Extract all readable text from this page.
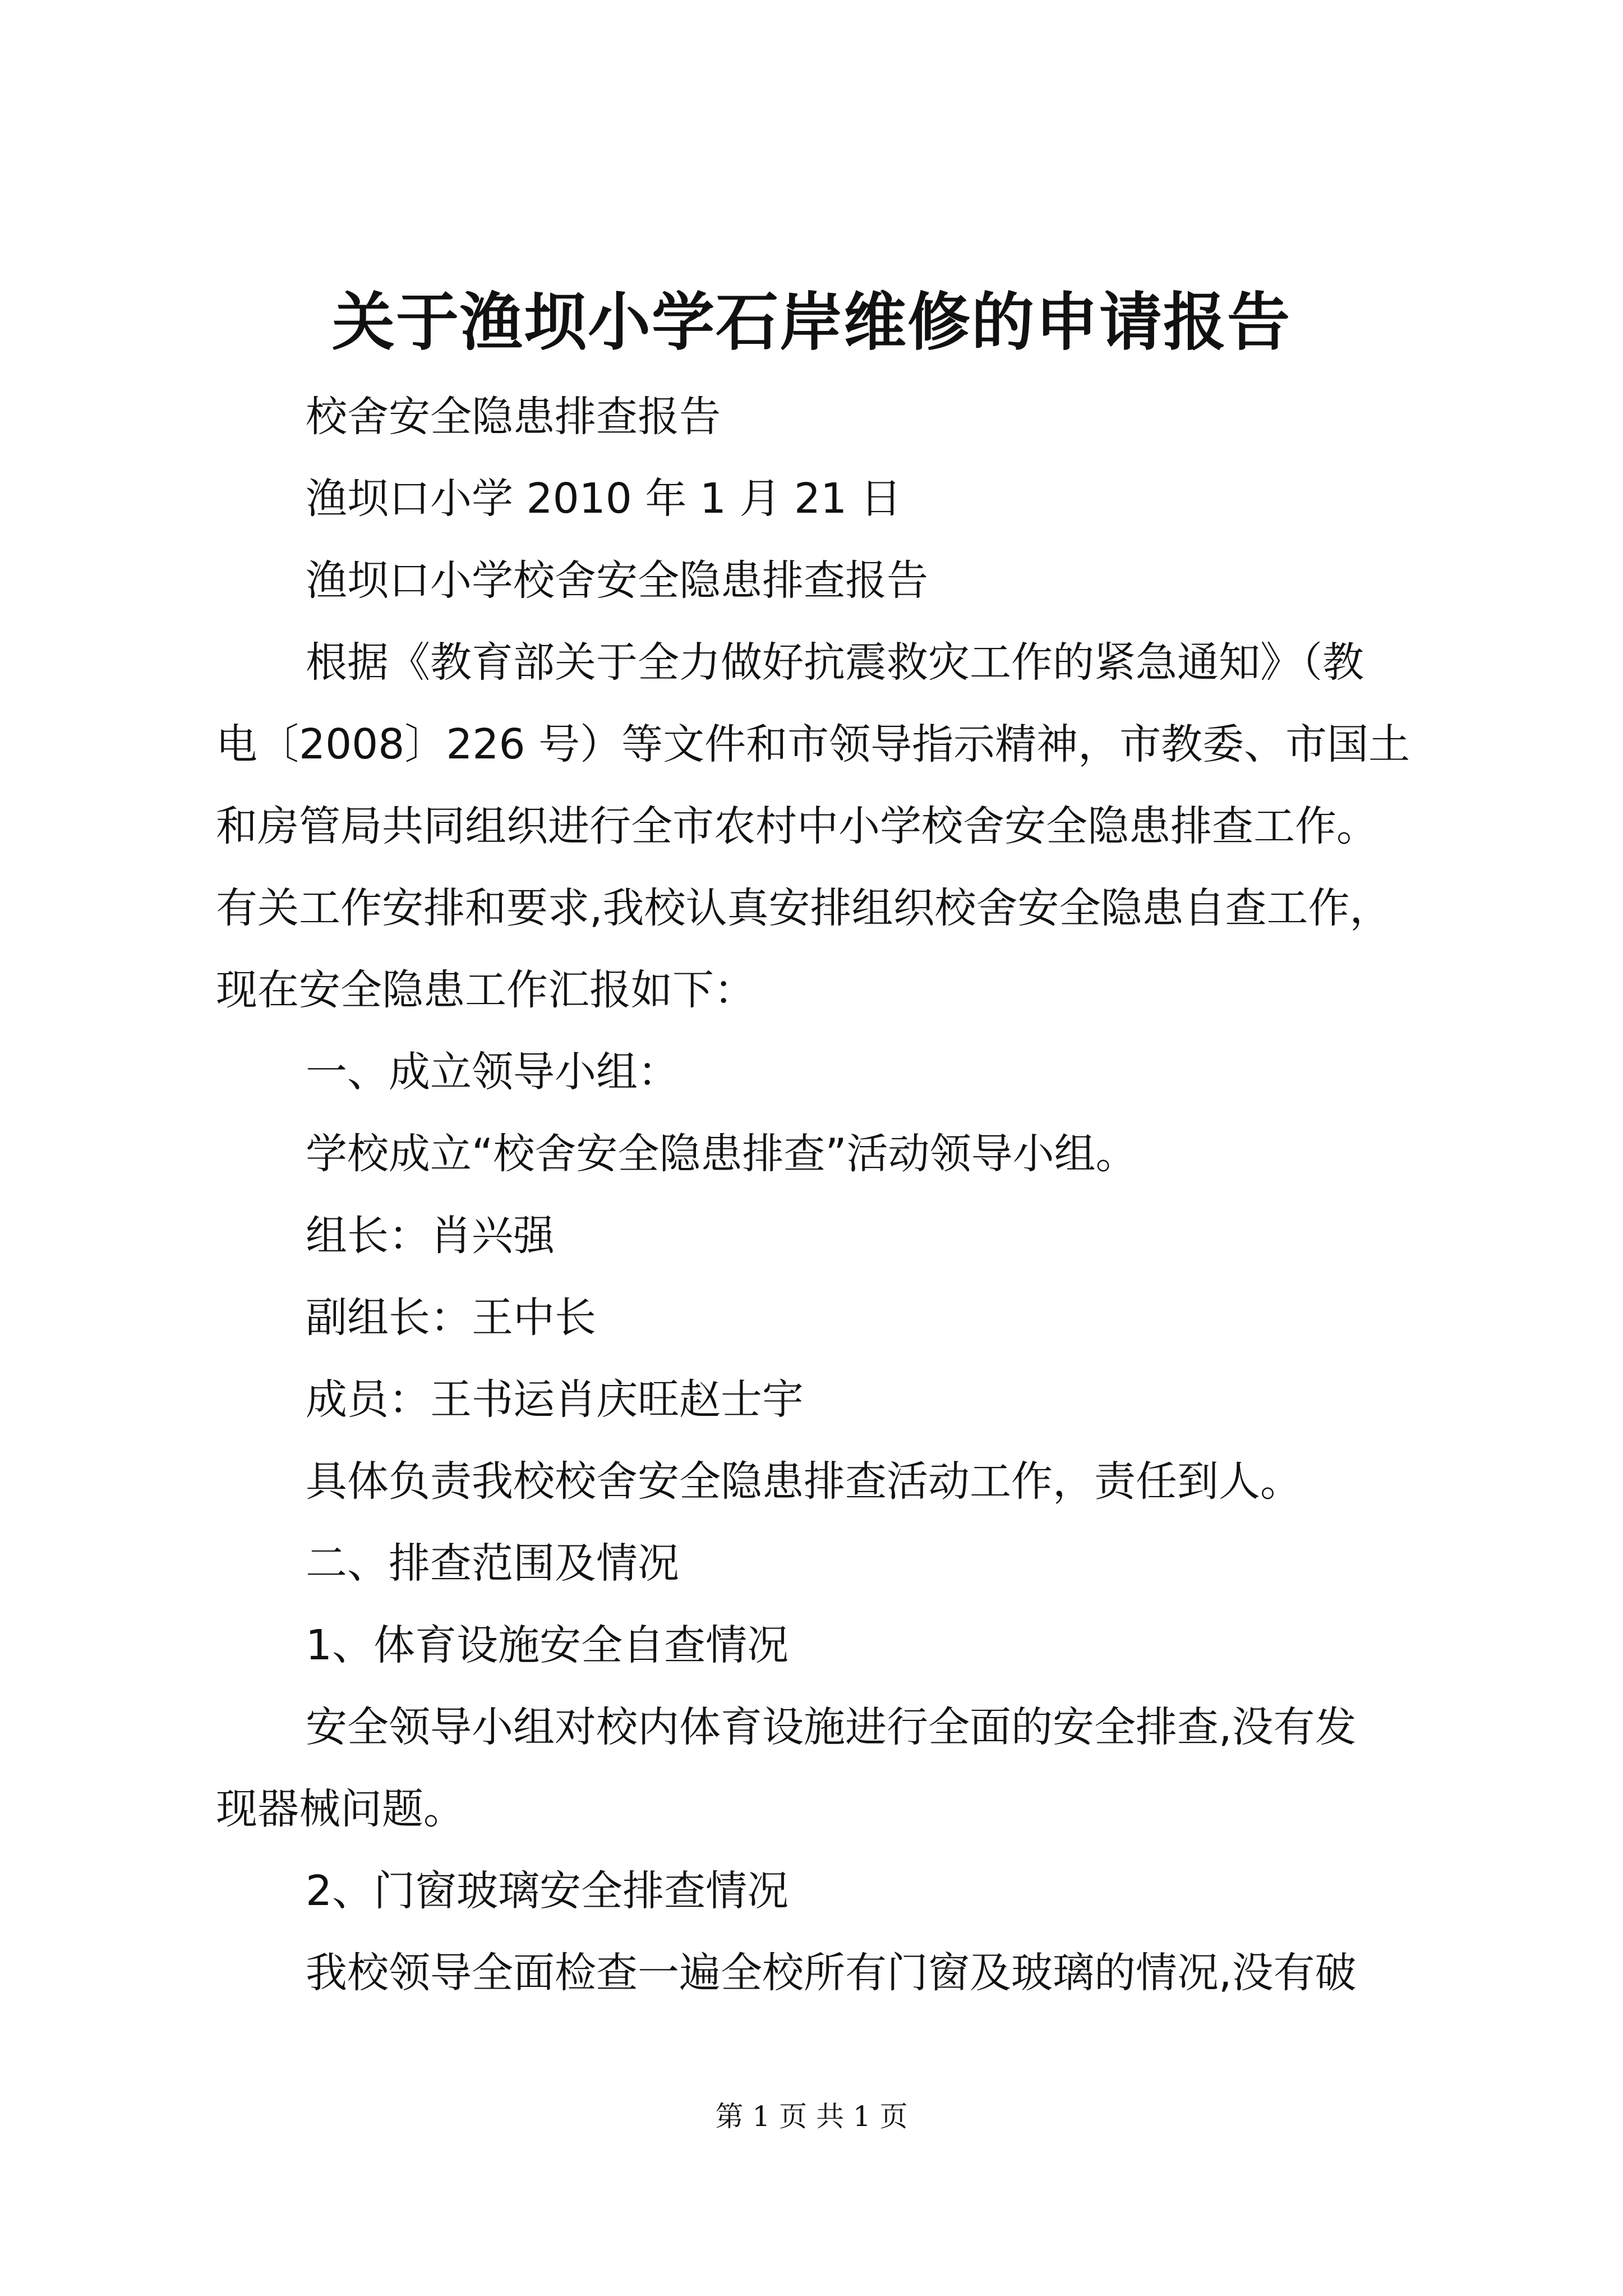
关于渔坝小学石岸维修的申请报告

校舍安全隐患排查报告

渔坝口小学 2010 年 1 月 21 日

渔坝口小学校舍安全隐患排查报告

根据《教育部关于全力做好抗震救灾工作的紧急通知》（教

电〔2008〕226 号）等文件和市领导指示精神，市教委、市国土

和房管局共同组织进行全市农村中小学校舍安全隐患排查工作。

有关工作安排和要求,我校认真安排组织校舍安全隐患自查工作，

现在安全隐患工作汇报如下：

一、成立领导小组：

学校成立“校舍安全隐患排查”活动领导小组。

组长：肖兴强

副组长：王中长

成员：王书运肖庆旺赵士宇

具体负责我校校舍安全隐患排查活动工作，责任到人。

二、排查范围及情况

1、体育设施安全自查情况

安全领导小组对校内体育设施进行全面的安全排查,没有发

现器械问题。

2、门窗玻璃安全排查情况

我校领导全面检查一遍全校所有门窗及玻璃的情况,没有破

第 1 页 共 1 页
